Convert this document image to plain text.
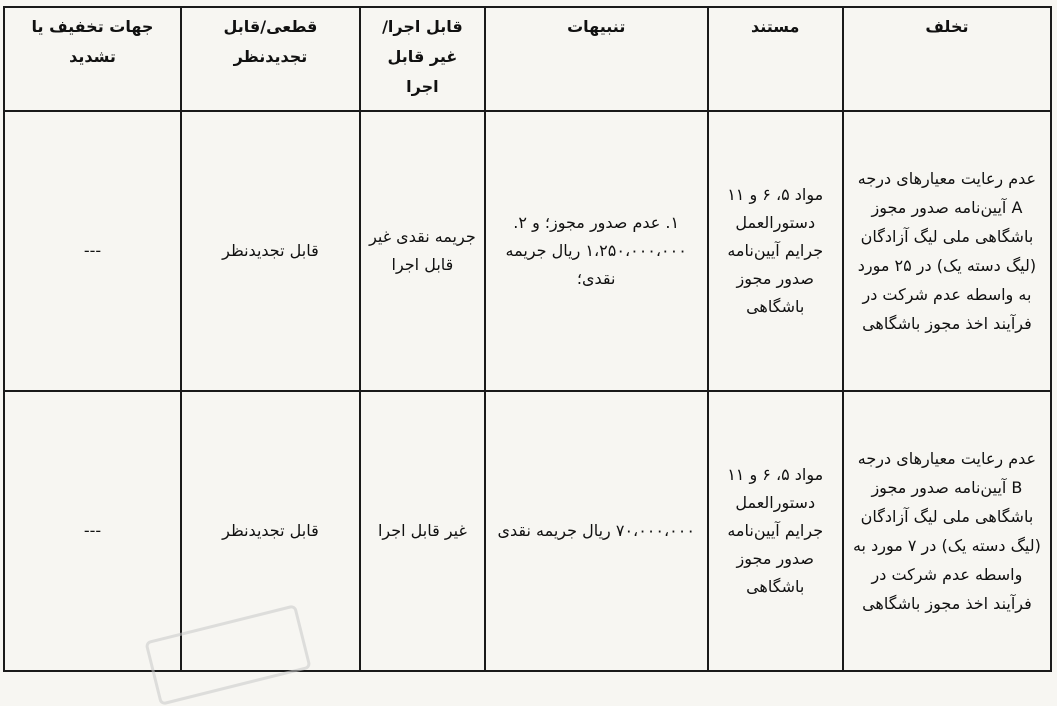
تخلف	مستند	تنبیهات	قابل اجرا/غیر قابل اجرا	قطعی/قابل تجدیدنظر	جهات تخفیف یا تشدید
عدم رعایت معیارهای درجه A آیین‌نامه صدور مجوز باشگاهی ملی لیگ آزادگان (لیگ دسته یک) در ۲۵ مورد به واسطه عدم شرکت در فرآیند اخذ مجوز باشگاهی	مواد ۵، ۶ و ۱۱ دستورالعمل جرایم آیین‌نامه صدور مجوز باشگاهی	۱. عدم صدور مجوز؛ و ۲. ۱،۲۵۰،۰۰۰،۰۰۰ ریال جریمه نقدی؛	جریمه نقدی غیر قابل اجرا	قابل تجدیدنظر	---
عدم رعایت معیارهای درجه B آیین‌نامه صدور مجوز باشگاهی ملی لیگ آزادگان (لیگ دسته یک) در ۷ مورد به واسطه عدم شرکت در فرآیند اخذ مجوز باشگاهی	مواد ۵، ۶ و ۱۱ دستورالعمل جرایم آیین‌نامه صدور مجوز باشگاهی	۷۰،۰۰۰،۰۰۰ ریال جریمه نقدی	غیر قابل اجرا	قابل تجدیدنظر	---
